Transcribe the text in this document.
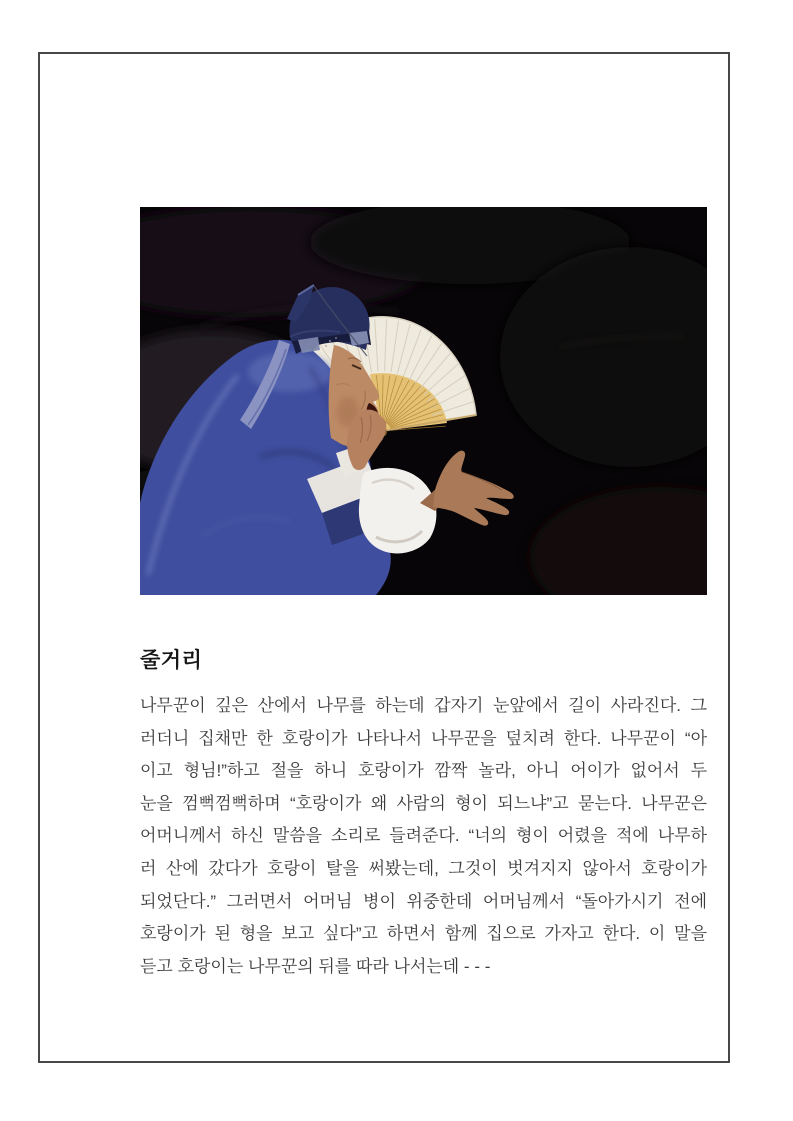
줄거리
나무꾼이 깊은 산에서 나무를 하는데 갑자기 눈앞에서 길이 사라진다. 그
러더니 집채만 한 호랑이가 나타나서 나무꾼을 덮치려 한다. 나무꾼이 “아
이고 형님!”하고 절을 하니 호랑이가 깜짝 놀라, 아니 어이가 없어서 두
눈을 껌뻑껌뻑하며 “호랑이가 왜 사람의 형이 되느냐”고 묻는다. 나무꾼은
어머니께서 하신 말씀을 소리로 들려준다. “너의 형이 어렸을 적에 나무하
러 산에 갔다가 호랑이 탈을 써봤는데, 그것이 벗겨지지 않아서 호랑이가
되었단다.” 그러면서 어머님 병이 위중한데 어머님께서 “돌아가시기 전에
호랑이가 된 형을 보고 싶다”고 하면서 함께 집으로 가자고 한다. 이 말을
듣고 호랑이는 나무꾼의 뒤를 따라 나서는데 - - -
